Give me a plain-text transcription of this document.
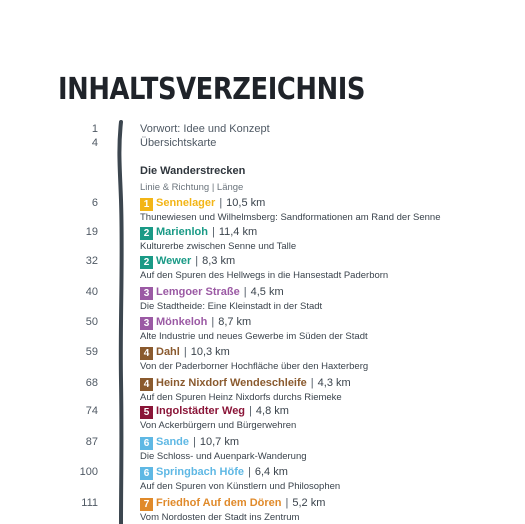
INHALTSVERZEICHNIS
1	Vorwort: Idee und Konzept
4	Übersichtskarte
Die Wanderstrecken
Linie & Richtung | Länge
6	1 Sennelager | 10,5 km
Thunewiesen und Wilhelmsberg: Sandformationen am Rand der Senne
19	2 Marienloh | 11,4 km
Kulturerbe zwischen Senne und Talle
32	2 Wewer | 8,3 km
Auf den Spuren des Hellwegs in die Hansestadt Paderborn
40	3 Lemgoer Straße | 4,5 km
Die Stadtheide: Eine Kleinstadt in der Stadt
50	3 Mönkeloh | 8,7 km
Alte Industrie und neues Gewerbe im Süden der Stadt
59	4 Dahl | 10,3 km
Von der Paderborner Hochfläche über den Haxterberg
68	4 Heinz Nixdorf Wendeschleife | 4,3 km
Auf den Spuren Heinz Nixdorfs durchs Riemeke
74	5 Ingolstädter Weg | 4,8 km
Von Ackerbürgern und Bürgerwehren
87	6 Sande | 10,7 km
Die Schloss- und Auenpark-Wanderung
100	6 Springbach Höfe | 6,4 km
Auf den Spuren von Künstlern und Philosophen
111	7 Friedhof Auf dem Dören | 5,2 km
Vom Nordosten der Stadt ins Zentrum
